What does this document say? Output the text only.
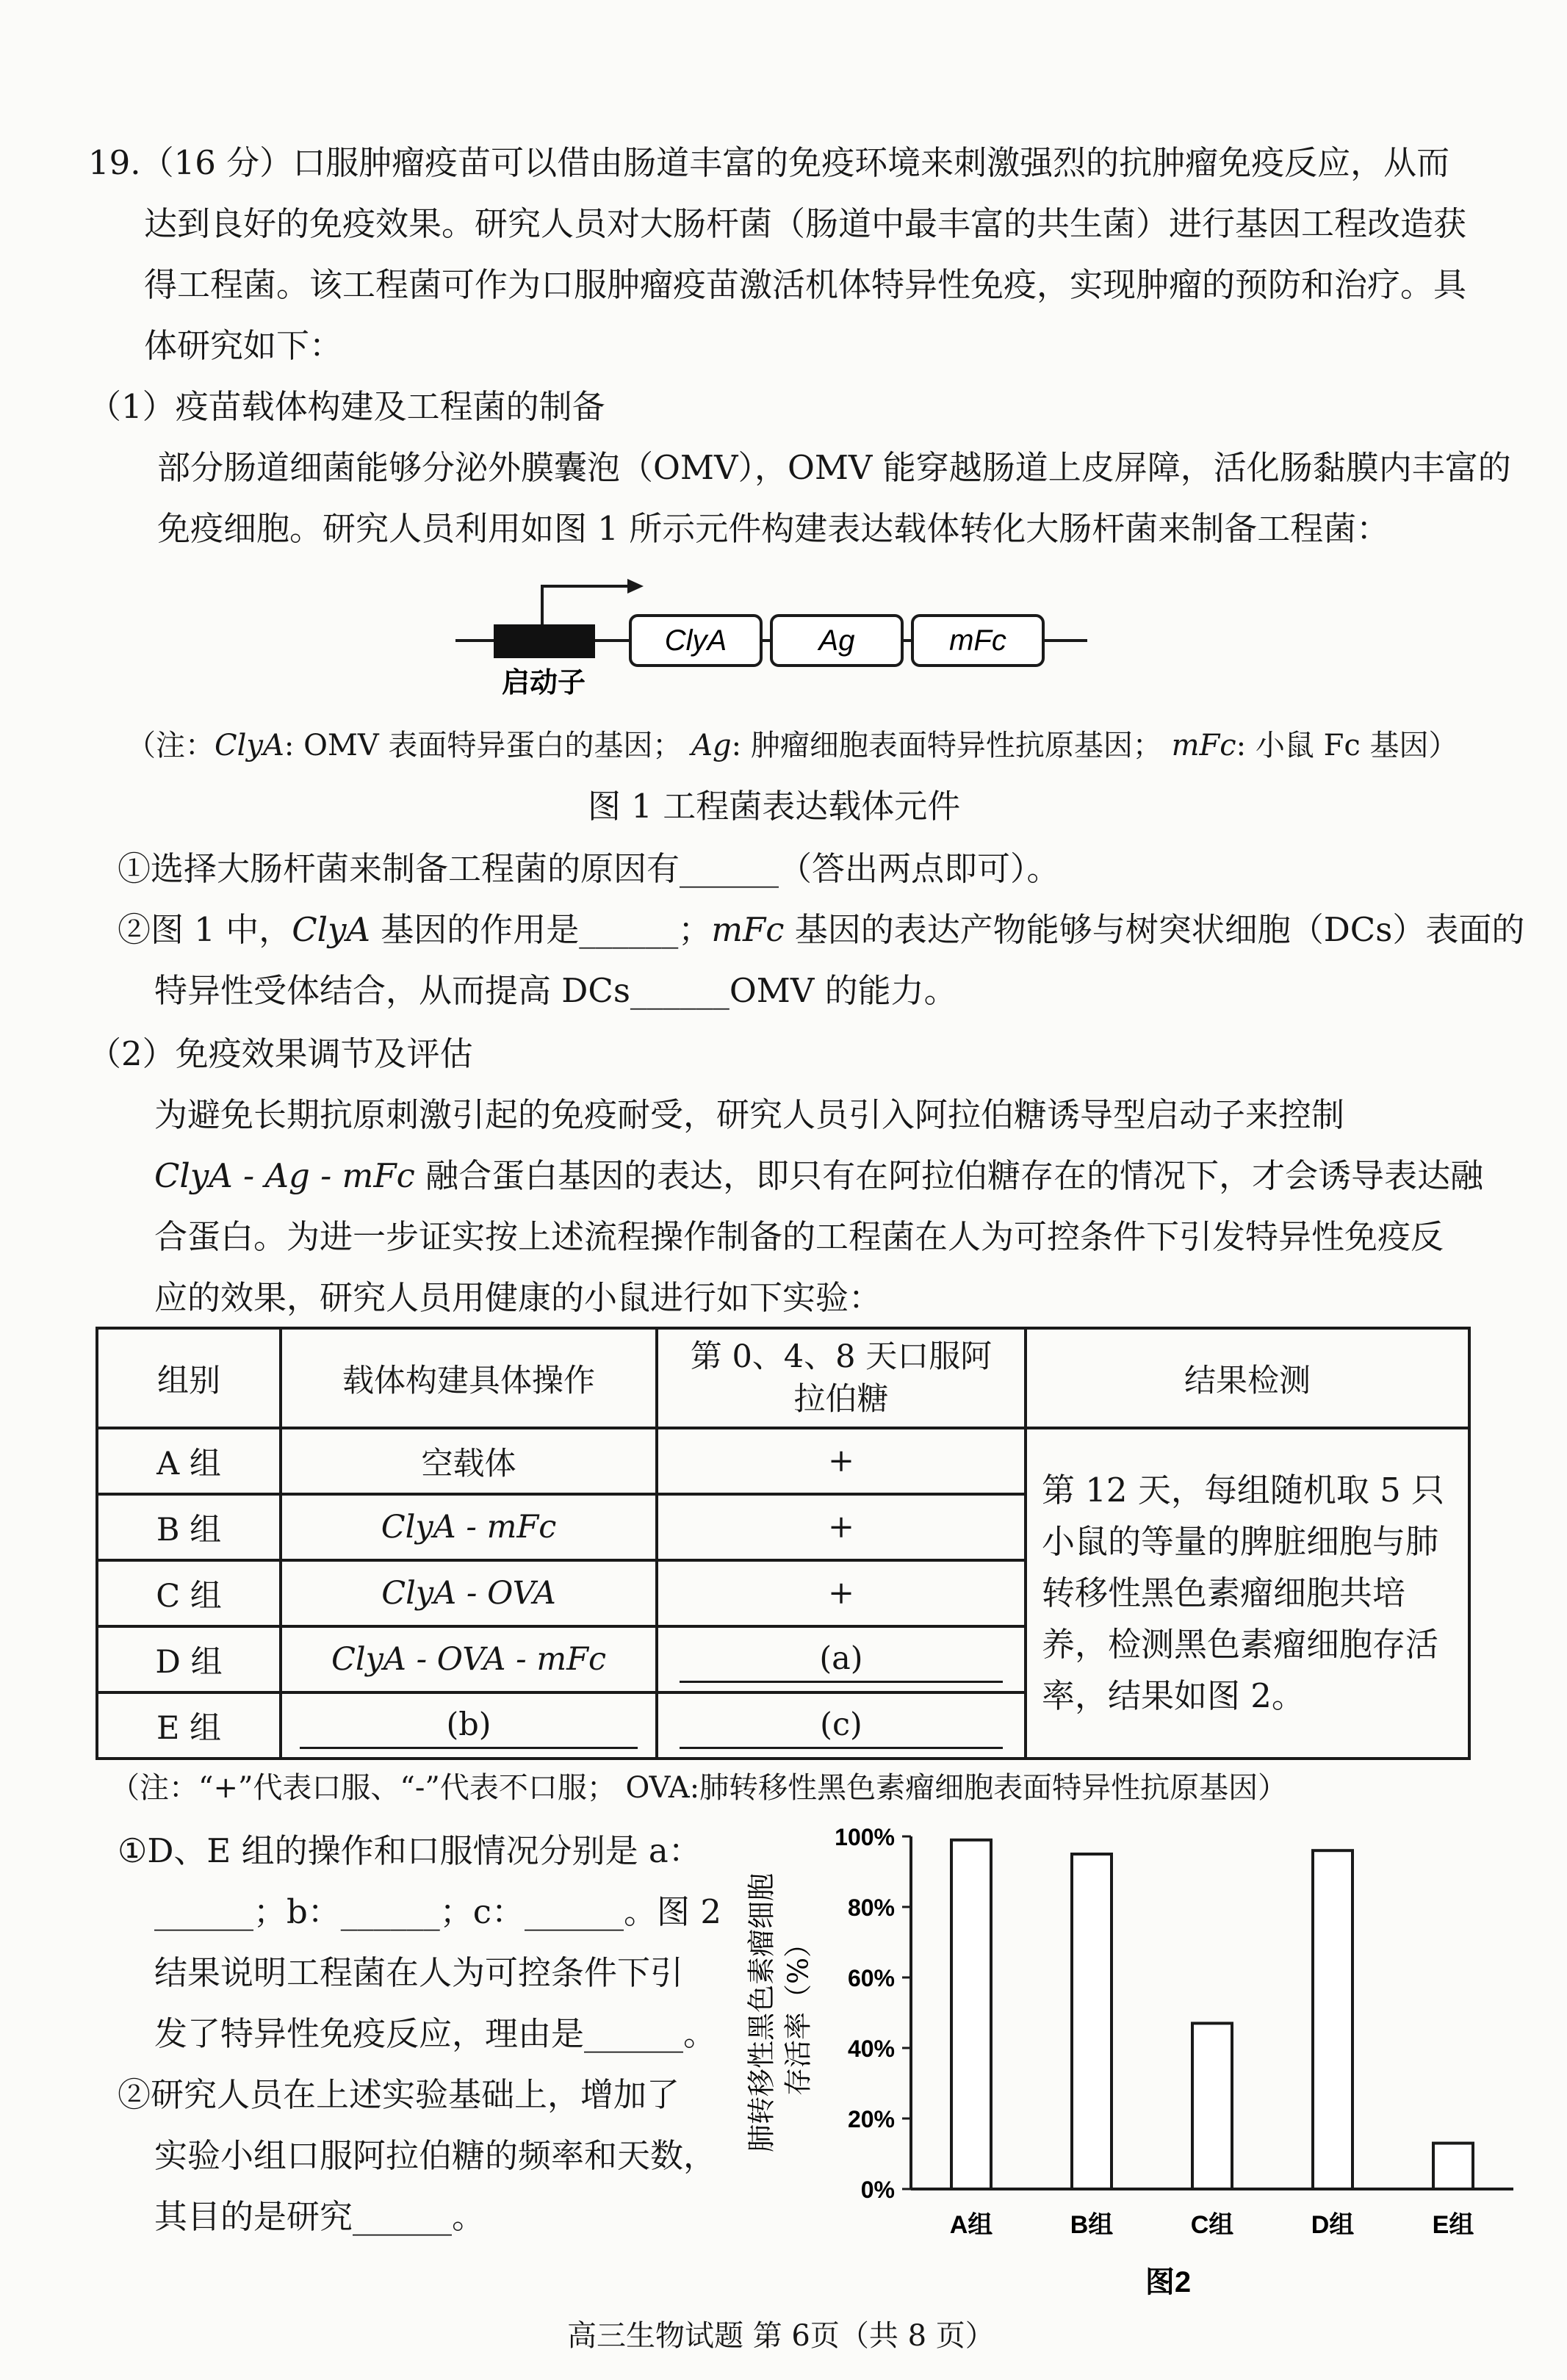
19.（16 分）口服肿瘤疫苗可以借由肠道丰富的免疫环境来刺激强烈的抗肿瘤免疫反应，从而
达到良好的免疫效果。研究人员对大肠杆菌（肠道中最丰富的共生菌）进行基因工程改造获
得工程菌。该工程菌可作为口服肿瘤疫苗激活机体特异性免疫，实现肿瘤的预防和治疗。具
体研究如下：
（1）疫苗载体构建及工程菌的制备
部分肠道细菌能够分泌外膜囊泡（OMV），OMV 能穿越肠道上皮屏障，活化肠黏膜内丰富的
免疫细胞。研究人员利用如图 1 所示元件构建表达载体转化大肠杆菌来制备工程菌：
ClyA	Ag	mFc
启动子
（注：ClyA: OMV 表面特异蛋白的基因； Ag: 肿瘤细胞表面特异性抗原基因； mFc: 小鼠 Fc 基因）
图 1 工程菌表达载体元件
①选择大肠杆菌来制备工程菌的原因有______（答出两点即可）。
②图 1 中，ClyA 基因的作用是______；mFc 基因的表达产物能够与树突状细胞（DCs）表面的
特异性受体结合，从而提高 DCs______OMV 的能力。
（2）免疫效果调节及评估
为避免长期抗原刺激引起的免疫耐受，研究人员引入阿拉伯糖诱导型启动子来控制
ClyA - Ag - mFc 融合蛋白基因的表达，即只有在阿拉伯糖存在的情况下，才会诱导表达融
合蛋白。为进一步证实按上述流程操作制备的工程菌在人为可控条件下引发特异性免疫反
应的效果，研究人员用健康的小鼠进行如下实验：
组别	载体构建具体操作	第 0、4、8 天口服阿拉伯糖	结果检测
A 组	空载体	+	第 12 天，每组随机取 5 只小鼠的等量的脾脏细胞与肺转移性黑色素瘤细胞共培养，检测黑色素瘤细胞存活率，结果如图 2。
B 组	ClyA - mFc	+	
C 组	ClyA - OVA	+	
D 组	ClyA - OVA - mFc	(a)	
E 组	(b)	(c)	
（注：“+”代表口服、“-”代表不口服； OVA:肺转移性黑色素瘤细胞表面特异性抗原基因）
①D、E 组的操作和口服情况分别是 a：
______；b：______；c：______。图 2
结果说明工程菌在人为可控条件下引
发了特异性免疫反应，理由是______。
②研究人员在上述实验基础上，增加了
实验小组口服阿拉伯糖的频率和天数，
其目的是研究______。
肺转移性黑色素瘤细胞 存活率（%）
0%
20%
40%
60%
80%
100%
A组	B组	C组	D组	E组
图2
高三生物试题 第 6页（共 8 页）
